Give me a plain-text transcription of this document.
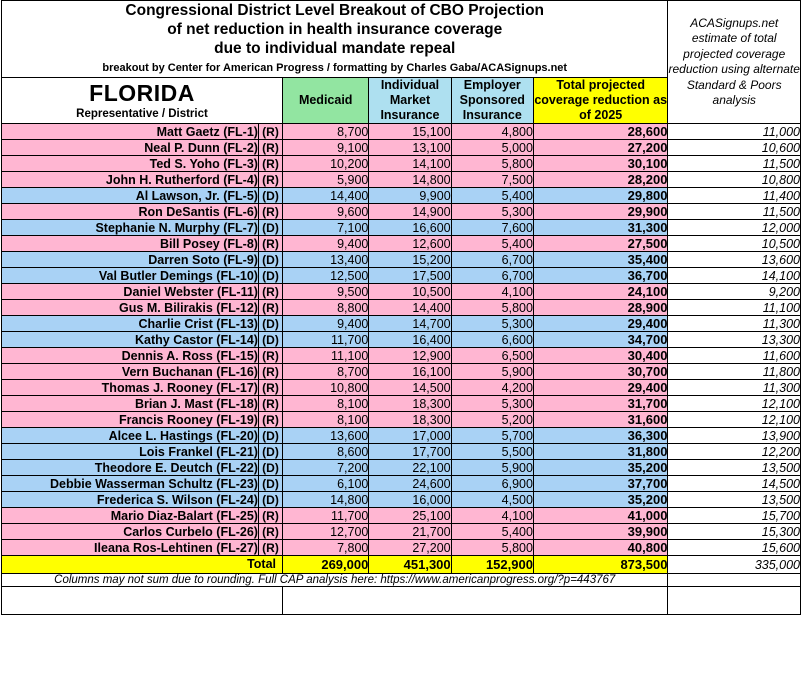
Congressional District Level Breakout of CBO Projection
of net reduction in health insurance coverage
due to individual mandate repeal
breakout by Center for American Progress / formatting by Charles Gaba/ACASignups.net						ACASignups.net estimate of total projected coverage reduction using alternate Standard & Poors analysis

FLORIDA
Representative / District		Medicaid	Individual Market Insurance	Employer Sponsored Insurance	Total projected coverage reduction as of 2025	
Matt Gaetz (FL-1)	(R)	8,700	15,100	4,800	28,600	11,000
Neal P. Dunn (FL-2)	(R)	9,100	13,100	5,000	27,200	10,600
Ted S. Yoho (FL-3)	(R)	10,200	14,100	5,800	30,100	11,500
John H. Rutherford (FL-4)	(R)	5,900	14,800	7,500	28,200	10,800
Al Lawson, Jr. (FL-5)	(D)	14,400	9,900	5,400	29,800	11,400
Ron DeSantis (FL-6)	(R)	9,600	14,900	5,300	29,900	11,500
Stephanie N. Murphy (FL-7)	(D)	7,100	16,600	7,600	31,300	12,000
Bill Posey (FL-8)	(R)	9,400	12,600	5,400	27,500	10,500
Darren Soto (FL-9)	(D)	13,400	15,200	6,700	35,400	13,600
Val Butler Demings (FL-10)	(D)	12,500	17,500	6,700	36,700	14,100
Daniel Webster (FL-11)	(R)	9,500	10,500	4,100	24,100	9,200
Gus M. Bilirakis (FL-12)	(R)	8,800	14,400	5,800	28,900	11,100
Charlie Crist (FL-13)	(D)	9,400	14,700	5,300	29,400	11,300
Kathy Castor (FL-14)	(D)	11,700	16,400	6,600	34,700	13,300
Dennis A. Ross (FL-15)	(R)	11,100	12,900	6,500	30,400	11,600
Vern Buchanan (FL-16)	(R)	8,700	16,100	5,900	30,700	11,800
Thomas J. Rooney (FL-17)	(R)	10,800	14,500	4,200	29,400	11,300
Brian J. Mast (FL-18)	(R)	8,100	18,300	5,300	31,700	12,100
Francis Rooney (FL-19)	(R)	8,100	18,300	5,200	31,600	12,100
Alcee L. Hastings (FL-20)	(D)	13,600	17,000	5,700	36,300	13,900
Lois Frankel (FL-21)	(D)	8,600	17,700	5,500	31,800	12,200
Theodore E. Deutch (FL-22)	(D)	7,200	22,100	5,900	35,200	13,500
Debbie Wasserman Schultz (FL-23)	(D)	6,100	24,600	6,900	37,700	14,500
Frederica S. Wilson (FL-24)	(D)	14,800	16,000	4,500	35,200	13,500
Mario Diaz-Balart (FL-25)	(R)	11,700	25,100	4,100	41,000	15,700
Carlos Curbelo (FL-26)	(R)	12,700	21,700	5,400	39,900	15,300
Ileana Ros-Lehtinen (FL-27)	(R)	7,800	27,200	5,800	40,800	15,600
Total		269,000	451,300	152,900	873,500	335,000
Columns may not sum due to rounding. Full CAP analysis here: https://www.americanprogress.org/?p=443767						
